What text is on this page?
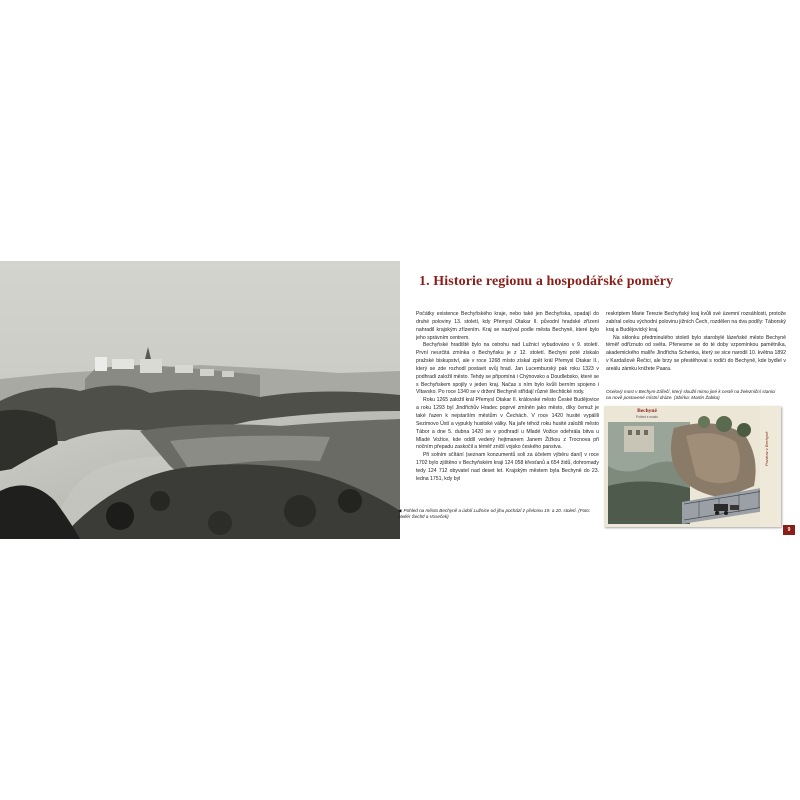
◀ Pohled na město Bechyně a údolí Lužnice od jihu pochází z přelomu 19. a 20. století. (Foto: ateliér Šechtl a Voseček)
1. Historie regionu a hospodářské poměry

Počátky existence Bechyňského kraje, nebo také jen Bechyňska, spadají do druhé poloviny 13. století, kdy Přemysl Otakar II. původní hradské zřízení nahradil krajským zřízením. Kraj se nazýval podle města Bechyně, které bylo jeho správním centrem.

Bechyňské hradiště bylo na ostrohu nad Lužnicí vybudováno v 9. století. První neurčitá zmínka o Bechyňsku je z 12. století. Bechyni poté získalo pražské biskupství, ale v roce 1268 místo získal zpět král Přemysl Otakar II., který se zde rozhodl postavit svůj hrad. Jan Lucemburský pak roku 1323 v podhradí založil město. Tehdy se připomíná i Chýnovsko a Doudlebsko, které se s Bechyňskem spojily v jeden kraj. Načas s ním bylo kvůli berním spojeno i Vltavsko. Po roce 1340 se v držení Bechyně střídají různé šlechtické rody.

Roku 1265 založil král Přemysl Otakar II. královské město České Budějovice a roku 1293 byl Jindřichův Hradec poprvé zmíněn jako město, díky čemuž je také řazen k nejstarším městům v Čechách. V roce 1420 husité vypálili Sezimovo Ústí a vypukly husitské války. Na jaře téhož roku husité založili město Tábor a dne 5. dubna 1420 se v podhradí u Mladé Vožice odehrála bitva u Mladé Vožice, kde oddíl vedený hejtmanem Janem Žižkou z Trocnova při nočním přepadu zaskočil a téměř zničil vojsko českého panstva.

Při solním sčítání (seznam konzumentů soli za účelem výběru daní) v roce 1702 bylo zjištěno v Bechyňském kraji 124 058 křesťanů a 654 židů, dohromady tedy 124 712 obyvatel nad deset let. Krajským městem byla Bechyně do 23. ledna 1751, kdy byl

reskriptem Marie Terezie Bechyňský kraj kvůli své územní rozsáhlosti, protože zabíral celou východní polovinu jižních Čech, rozdělen na dva podíly: Táborský kraj a Budějovický kraj.

Na sklonku předminulého století bylo starobylé lázeňské město Bechyně téměř odříznuto od světa. Přenesme se do té doby vzpomínkou pamětníka, akademického malíře Jindřicha Schenka, který se sice narodil 10. května 1892 v Kardašově Řečici, ale brzy se přestěhoval s rodiči do Bechyně, kde bydlel v areálu zámku knížete Paara.

Ocelový most v Bechyni-Zářečí, který sloužil mimo jiné k cestě na železniční stanici na nově postavené místní dráze. (Sbírka: Martin Žabka)
Bechyně
Pohled s mostu
Pozdrav z Bechyně
9
